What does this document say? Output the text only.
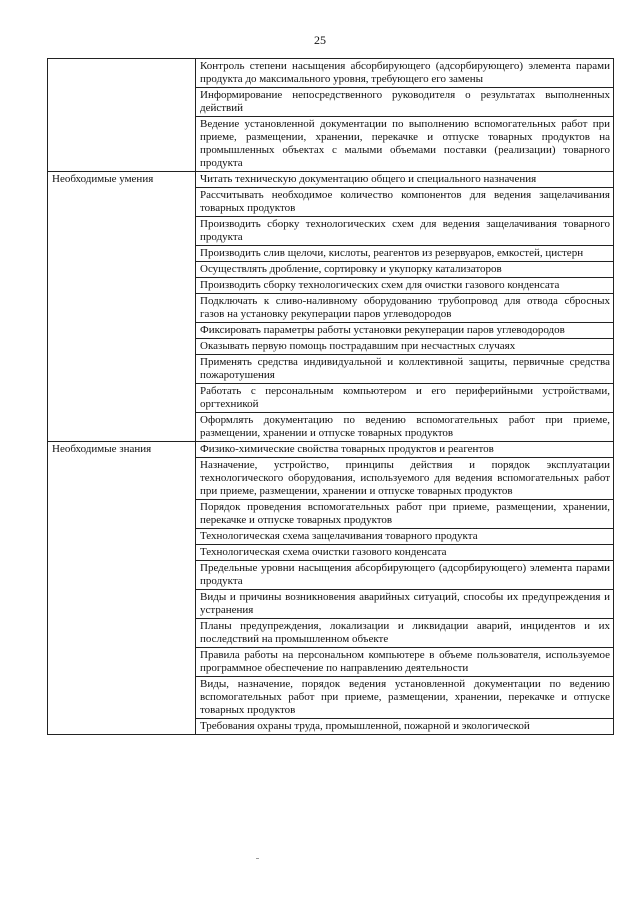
25
	Контроль степени насыщения абсорбирующего (адсорбирующего) элемента парами продукта до максимального уровня, требующего его замены
	Информирование непосредственного руководителя о результатах выполненных действий
	Ведение установленной документации по выполнению вспомогательных работ при приеме, размещении, хранении, перекачке и отпуске товарных продуктов на промышленных объектах с малыми объемами поставки (реализации) товарного продукта
Необходимые умения	Читать техническую документацию общего и специального назначения
	Рассчитывать необходимое количество компонентов для ведения защелачивания товарных продуктов
	Производить сборку технологических схем для ведения защелачивания товарного продукта
	Производить слив щелочи, кислоты, реагентов из резервуаров, емкостей, цистерн
	Осуществлять дробление, сортировку и укупорку катализаторов
	Производить сборку технологических схем для очистки газового конденсата
	Подключать к сливо-наливному оборудованию трубопровод для отвода сбросных газов на установку рекуперации паров углеводородов
	Фиксировать параметры работы установки рекуперации паров углеводородов
	Оказывать первую помощь пострадавшим при несчастных случаях
	Применять средства индивидуальной и коллективной защиты, первичные средства пожаротушения
	Работать с персональным компьютером и его периферийными устройствами, оргтехникой
	Оформлять документацию по ведению вспомогательных работ при приеме, размещении, хранении и отпуске товарных продуктов
Необходимые знания	Физико-химические свойства товарных продуктов и реагентов
	Назначение, устройство, принципы действия и порядок эксплуатации технологического оборудования, используемого для ведения вспомогательных работ при приеме, размещении, хранении и отпуске товарных продуктов
	Порядок проведения вспомогательных работ при приеме, размещении, хранении, перекачке и отпуске товарных продуктов
	Технологическая схема защелачивания товарного продукта
	Технологическая схема очистки газового конденсата
	Предельные уровни насыщения абсорбирующего (адсорбирующего) элемента парами продукта
	Виды и причины возникновения аварийных ситуаций, способы их предупреждения и устранения
	Планы предупреждения, локализации и ликвидации аварий, инцидентов и их последствий на промышленном объекте
	Правила работы на персональном компьютере в объеме пользователя, используемое программное обеспечение по направлению деятельности
	Виды, назначение, порядок ведения установленной документации по ведению вспомогательных работ при приеме, размещении, хранении, перекачке и отпуске товарных продуктов
	Требования охраны труда, промышленной, пожарной и экологической
